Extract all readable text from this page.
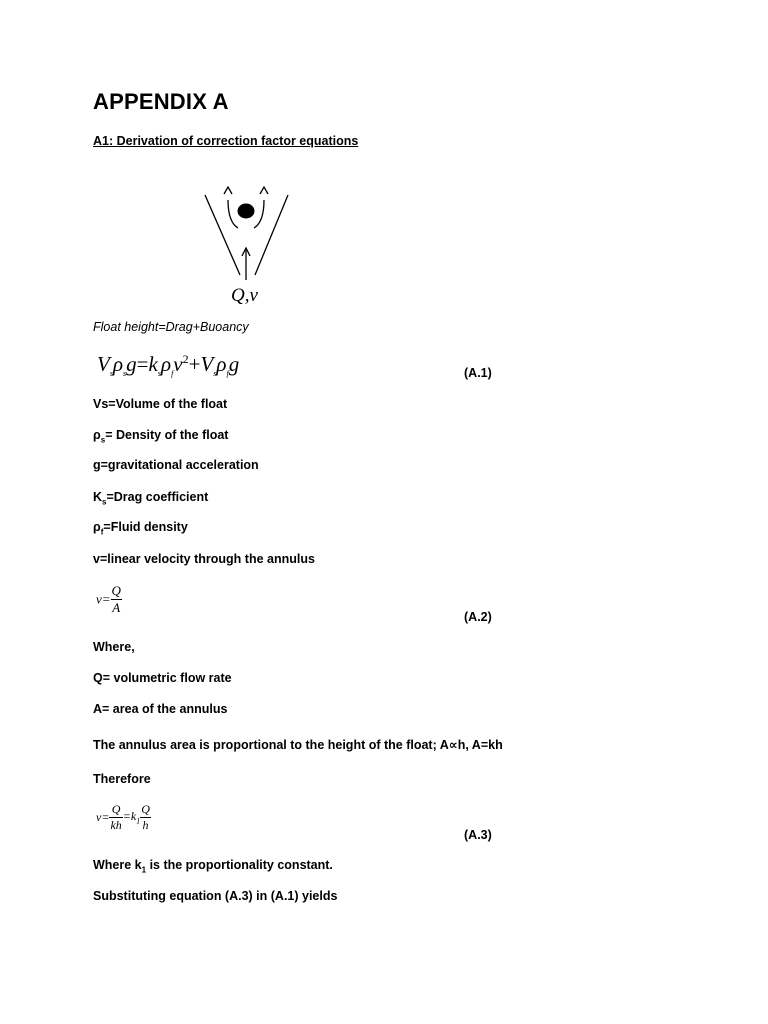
APPENDIX A
A1: Derivation of correction factor equations
Q,v
Float height=Drag+Buoancy
$V_s\rho_sg=k_s\rho_fv^2+V_s\rho_fg$	(A.1)
Vs=Volume of the float
$\rho_s=$ Density of the float
g=gravitational acceleration
$K_s=Drag$ coefficient
$\rho_f=Fluid$ density
v=linear velocity through the annulus
$v= \frac{Q}{A}$
(A.2)
Where,
Q= volumetric flow rate
A= area of the annulus
The annulus area is proportional to the height of the float; A∝h, A=kh
Therefore
$v= \frac{Q}{kh} =k_1 \frac{Q}{h}$
(A.3)
Where $k_1$ is the proportionality constant.
Substituting equation (A.3) in (A.1) yields
